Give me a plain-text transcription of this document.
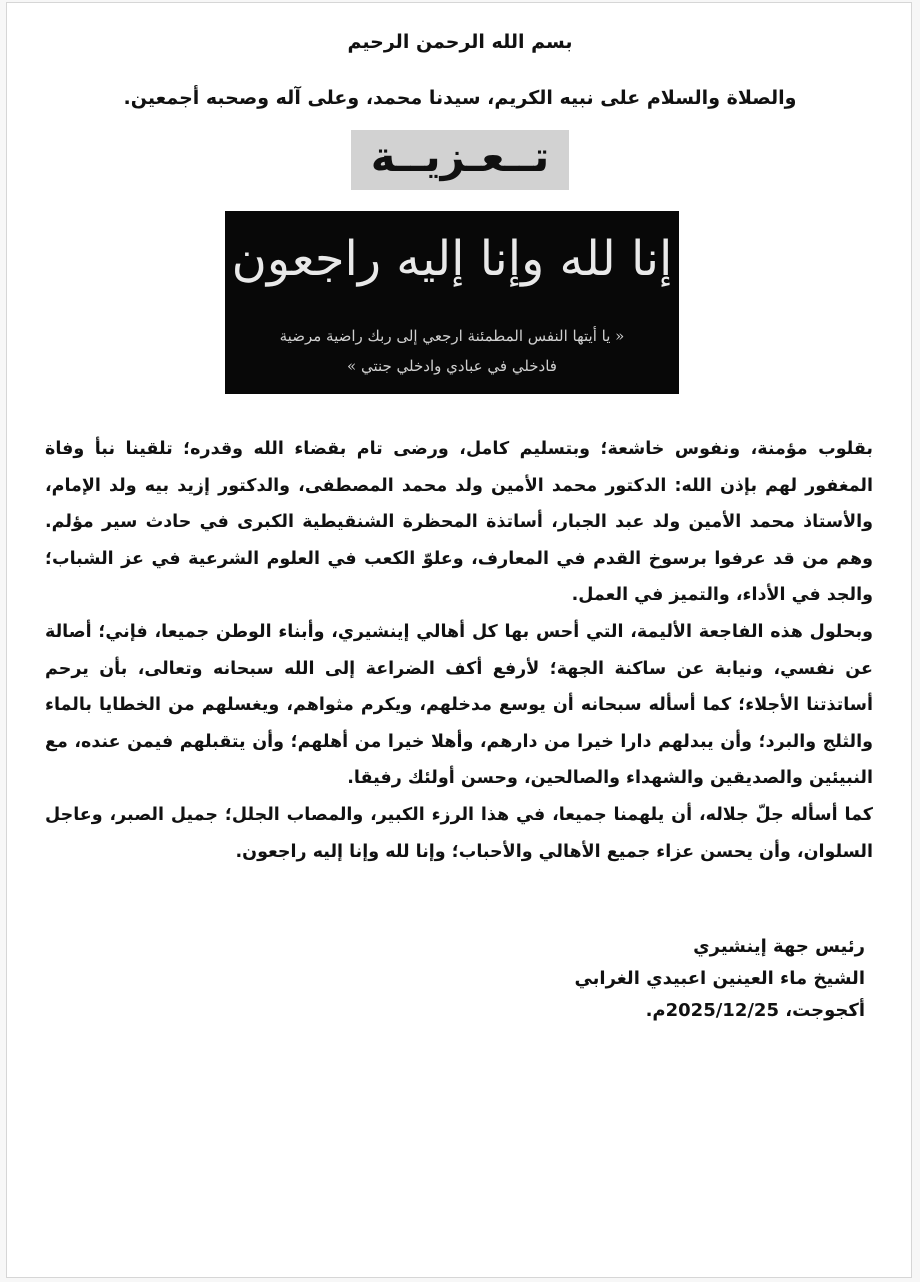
بسم الله الرحمن الرحيم
والصلاة والسلام على نبيه الكريم، سيدنا محمد، وعلى آله وصحبه أجمعين.
تــعـزيــة
إنا لله وإنا إليه راجعون
« يا أيتها النفس المطمئنة ارجعي إلى ربك راضية مرضية
فادخلي في عبادي وادخلي جنتي »

بقلوب مؤمنة، ونفوس خاشعة؛ وبتسليم كامل، ورضى تام بقضاء الله وقدره؛ تلقينا نبأ وفاة المغفور لهم بإذن الله: الدكتور محمد الأمين ولد محمد المصطفى، والدكتور إزيد بيه ولد الإمام، والأستاذ محمد الأمين ولد عبد الجبار، أساتذة المحظرة الشنقيطية الكبرى في حادث سير مؤلم. وهم من قد عرفوا برسوخ القدم في المعارف، وعلوّ الكعب في العلوم الشرعية في عز الشباب؛ والجد في الأداء، والتميز في العمل.

وبحلول هذه الفاجعة الأليمة، التي أحس بها كل أهالي إينشيري، وأبناء الوطن جميعا، فإني؛ أصالة عن نفسي، ونيابة عن ساكنة الجهة؛ لأرفع أكف الضراعة إلى الله سبحانه وتعالى، بأن يرحم أساتذتنا الأجلاء؛ كما أسأله سبحانه أن يوسع مدخلهم، ويكرم مثواهم، ويغسلهم من الخطايا بالماء والثلج والبرد؛ وأن يبدلهم دارا خيرا من دارهم، وأهلا خيرا من أهلهم؛ وأن يتقبلهم فيمن عنده، مع النبيئين والصديقين والشهداء والصالحين، وحسن أولئك رفيقا.

كما أسأله جلّ جلاله، أن يلهمنا جميعا، في هذا الرزء الكبير، والمصاب الجلل؛ جميل الصبر، وعاجل السلوان، وأن يحسن عزاء جميع الأهالي والأحباب؛ وإنا لله وإنا إليه راجعون.

رئيس جهة إينشيري
الشيخ ماء العينين اعبيدي الغرابي
أكجوجت، 2025/12/25م.
